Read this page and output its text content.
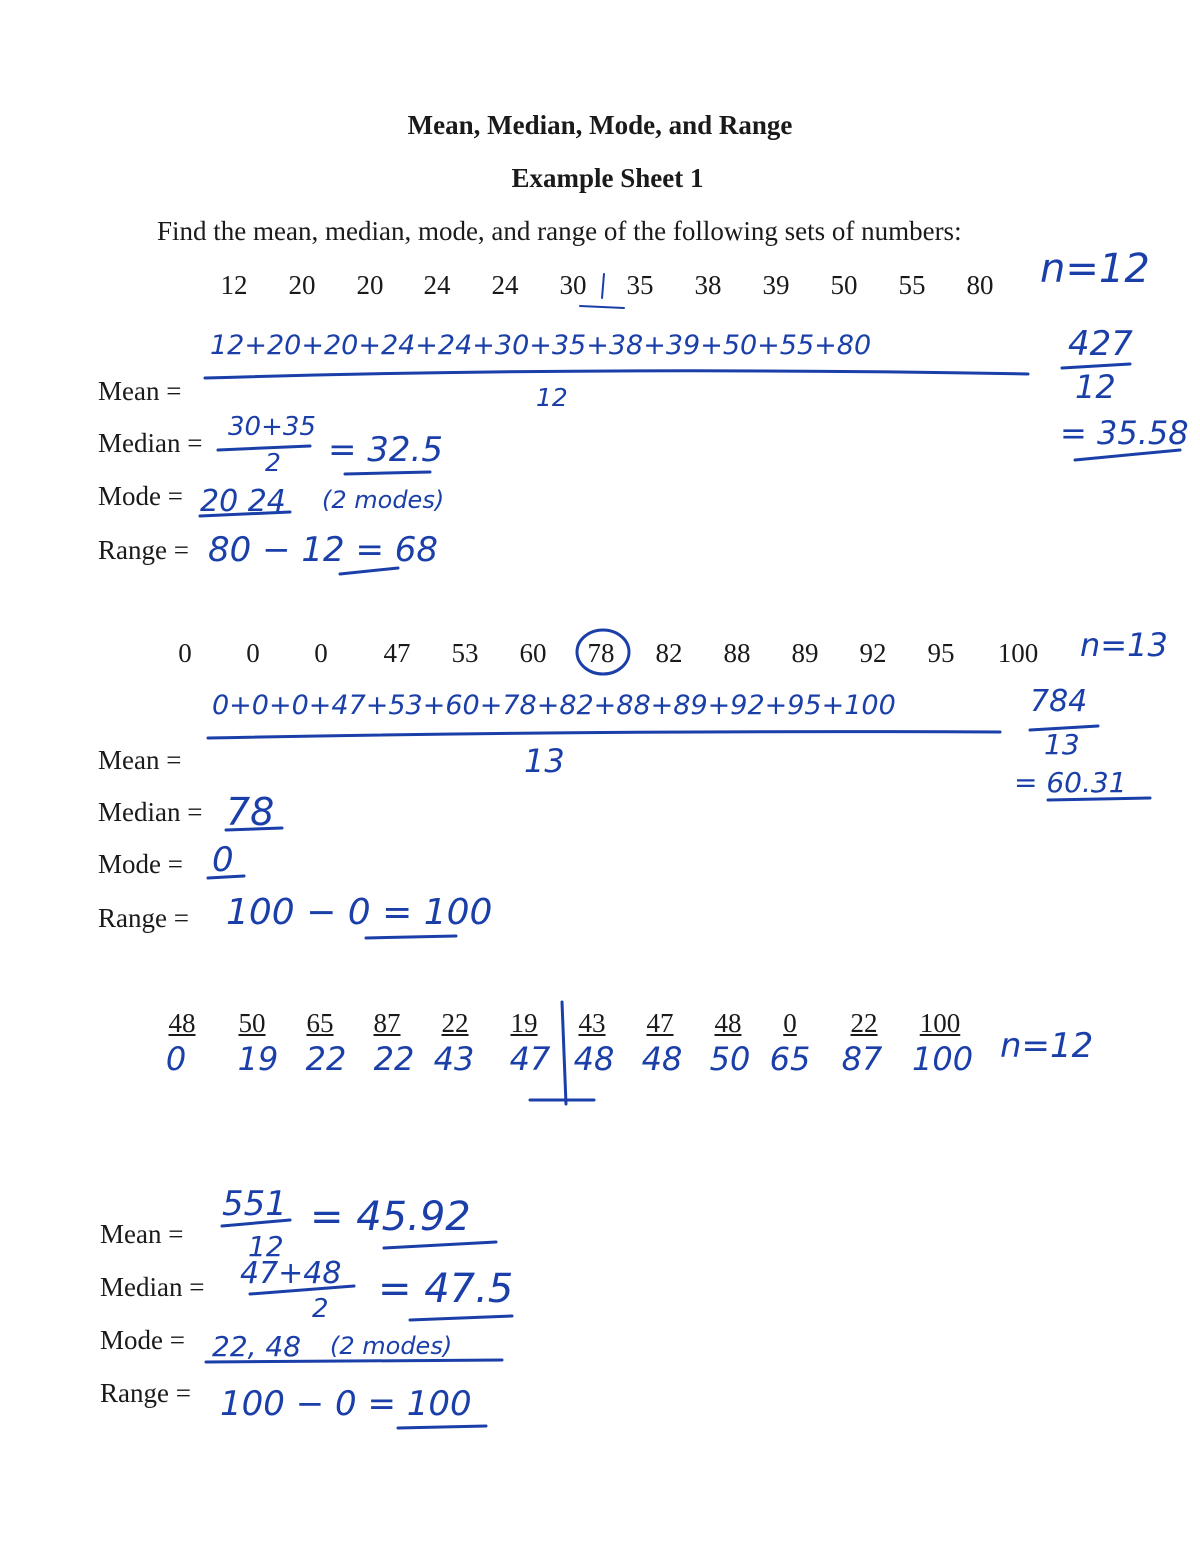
Mean, Median, Mode, and Range
Example Sheet 1
Find the mean, median, mode, and range of the following sets of numbers:
12	20	20	24	24	30	35	38	39	50	55	80	n=12
12+20+20+24+24+30+35+38+39+50+55+80
12
427
12
= 35.58
Mean =
Median =
30+35
2 = 32.5
Mode = 20 24 (2 modes)
Range = 80 − 12 = 68
0	0	0	47	53	60	78	82	88	89	92	95	100	n=13
0+0+0+47+53+60+78+82+88+89+92+95+100
13
784
13
= 60.31
Mean =
Median = 78
Mode = 0
Range = 100 − 0 = 100
48	50	65	87	22	19	43	47	48	0	22	100
0	19 22 22 43	47 48 48 50 65 87 100 n=12
Mean =
551
12
= 45.92
Median = 47+48
2 = 47.5
Mode = 22, 48 (2 modes)
Range = 100 − 0 = 100
